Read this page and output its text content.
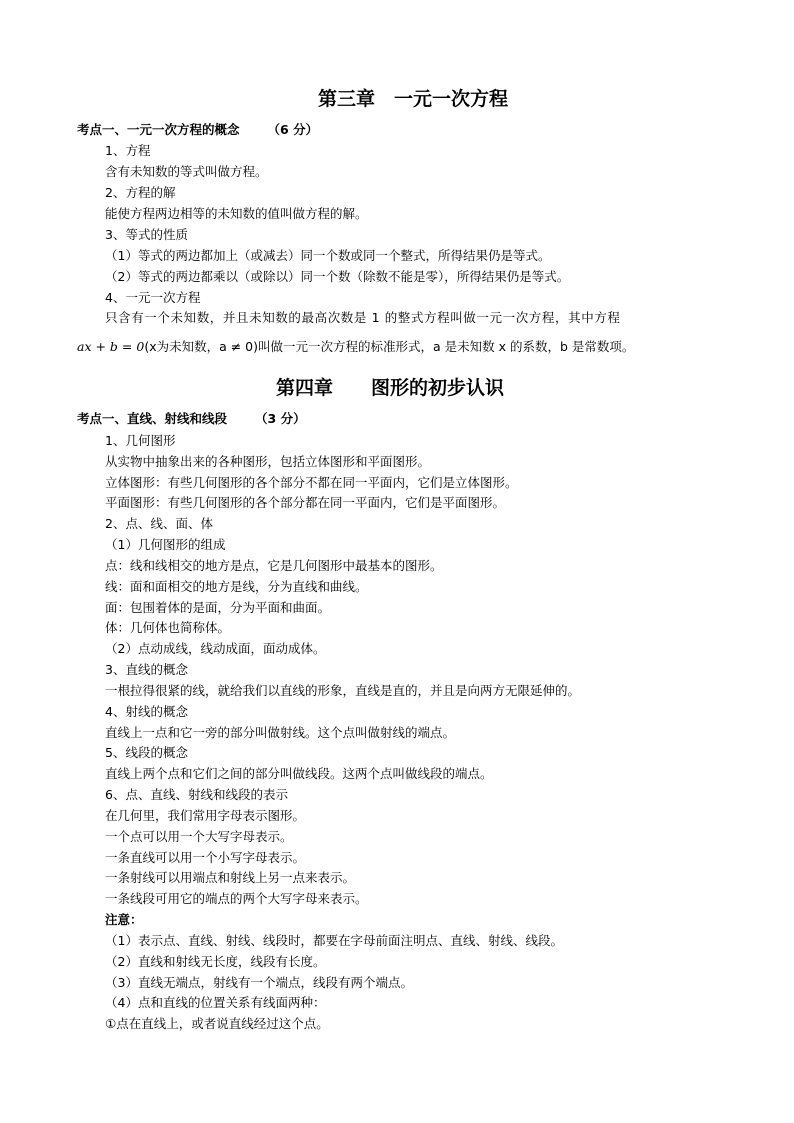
第三章　一元一次方程
考点一、一元一次方程的概念 （6 分）
1、方程
含有未知数的等式叫做方程。
2、方程的解
能使方程两边相等的未知数的值叫做方程的解。
3、等式的性质
（1）等式的两边都加上（或减去）同一个数或同一个整式，所得结果仍是等式。
（2）等式的两边都乘以（或除以）同一个数（除数不能是零），所得结果仍是等式。
4、一元一次方程
只含有一个未知数，并且未知数的最高次数是 1 的整式方程叫做一元一次方程，其中方程
ax + b = 0(x为未知数，a ≠ 0)叫做一元一次方程的标准形式，a 是未知数 x 的系数，b 是常数项。
第四章　　图形的初步认识
考点一、直线、射线和线段 （3 分）
1、几何图形
从实物中抽象出来的各种图形，包括立体图形和平面图形。
立体图形：有些几何图形的各个部分不都在同一平面内，它们是立体图形。
平面图形：有些几何图形的各个部分都在同一平面内，它们是平面图形。
2、点、线、面、体
（1）几何图形的组成
点：线和线相交的地方是点，它是几何图形中最基本的图形。
线：面和面相交的地方是线，分为直线和曲线。
面：包围着体的是面，分为平面和曲面。
体：几何体也简称体。
（2）点动成线，线动成面，面动成体。
3、直线的概念
一根拉得很紧的线，就给我们以直线的形象，直线是直的，并且是向两方无限延伸的。
4、射线的概念
直线上一点和它一旁的部分叫做射线。这个点叫做射线的端点。
5、线段的概念
直线上两个点和它们之间的部分叫做线段。这两个点叫做线段的端点。
6、点、直线、射线和线段的表示
在几何里，我们常用字母表示图形。
一个点可以用一个大写字母表示。
一条直线可以用一个小写字母表示。
一条射线可以用端点和射线上另一点来表示。
一条线段可用它的端点的两个大写字母来表示。
注意：
（1）表示点、直线、射线、线段时，都要在字母前面注明点、直线、射线、线段。
（2）直线和射线无长度，线段有长度。
（3）直线无端点，射线有一个端点，线段有两个端点。
（4）点和直线的位置关系有线面两种：
①点在直线上，或者说直线经过这个点。
